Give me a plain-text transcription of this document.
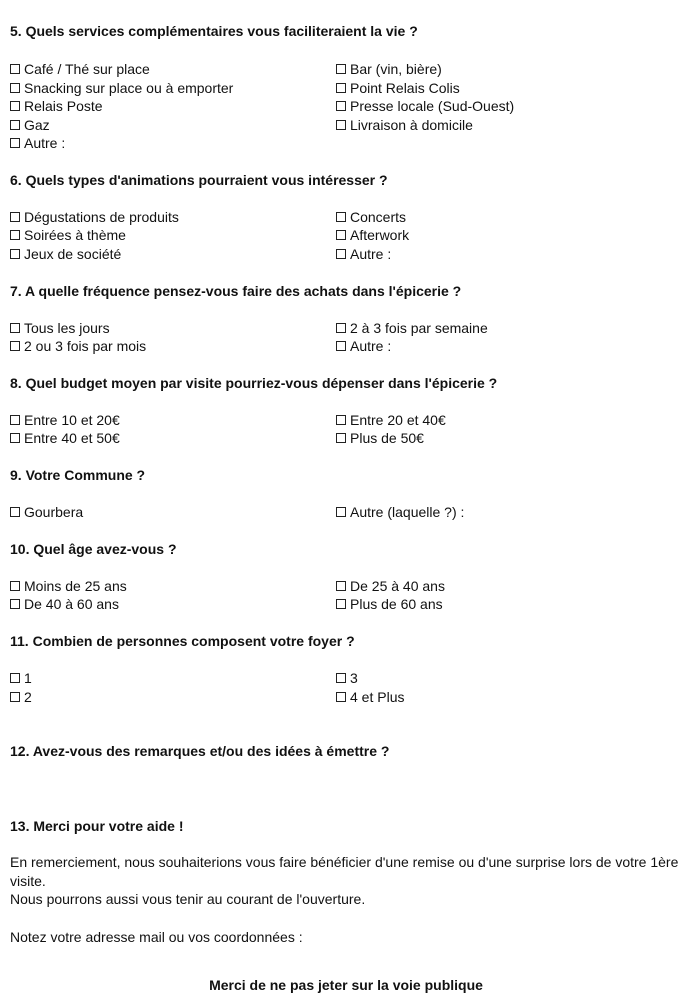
5. Quels services complémentaires vous faciliteraient la vie ?
Café / Thé sur place
Snacking sur place ou à emporter
Relais Poste
Gaz
Autre :
Bar (vin, bière)
Point Relais Colis
Presse locale (Sud-Ouest)
Livraison à domicile
6. Quels types d'animations pourraient vous intéresser ?
Dégustations de produits
Soirées à thème
Jeux de société
Concerts
Afterwork
Autre :
7. A quelle fréquence pensez-vous faire des achats dans l'épicerie ?
Tous les jours
2 ou 3 fois par mois
2 à 3 fois par semaine
Autre :
8. Quel budget moyen par visite pourriez-vous dépenser dans l'épicerie ?
Entre 10 et 20€
Entre 40 et 50€
Entre 20 et 40€
Plus de 50€
9. Votre Commune ?
Gourbera	Autre (laquelle ?) :
10. Quel âge avez-vous ?
Moins de 25 ans
De 40 à 60 ans
De 25 à 40 ans
Plus de 60 ans
11. Combien de personnes composent votre foyer ?
1
2
3
4 et Plus
12. Avez-vous des remarques et/ou des idées à émettre ?
13. Merci pour votre aide !
En remerciement, nous souhaiterions vous faire bénéficier d'une remise ou d'une surprise lors de votre 1ère visite.
Nous pourrons aussi vous tenir au courant de l'ouverture.
Notez votre adresse mail ou vos coordonnées :
Merci de ne pas jeter sur la voie publique
